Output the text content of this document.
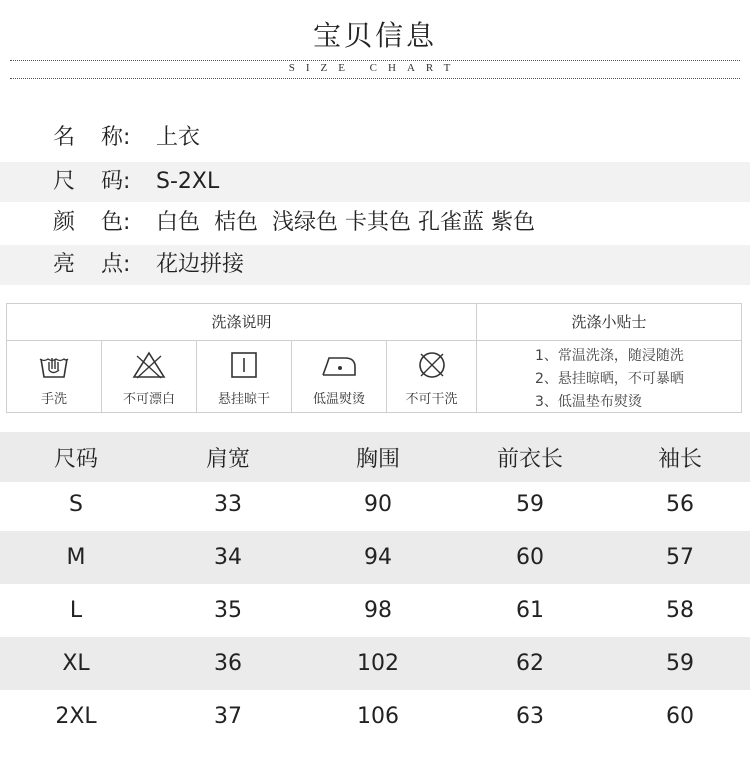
宝贝信息
SIZE CHART
名 称 : 上衣
尺 码 : S-2XL
颜 色 : 白色  桔色  浅绿色 卡其色 孔雀蓝 紫色
亮 点 : 花边拼接
洗涤说明	洗涤小贴士
手洗	不可漂白	悬挂晾干	低温熨烫	不可干洗
1、常温洗涤，随浸随洗
2、悬挂晾晒，不可暴晒
3、低温垫布熨烫
尺码	肩宽	胸围	前衣长	袖长
S	33	90	59	56
M	34	94	60	57
L	35	98	61	58
XL	36	102	62	59
2XL	37	106	63	60
